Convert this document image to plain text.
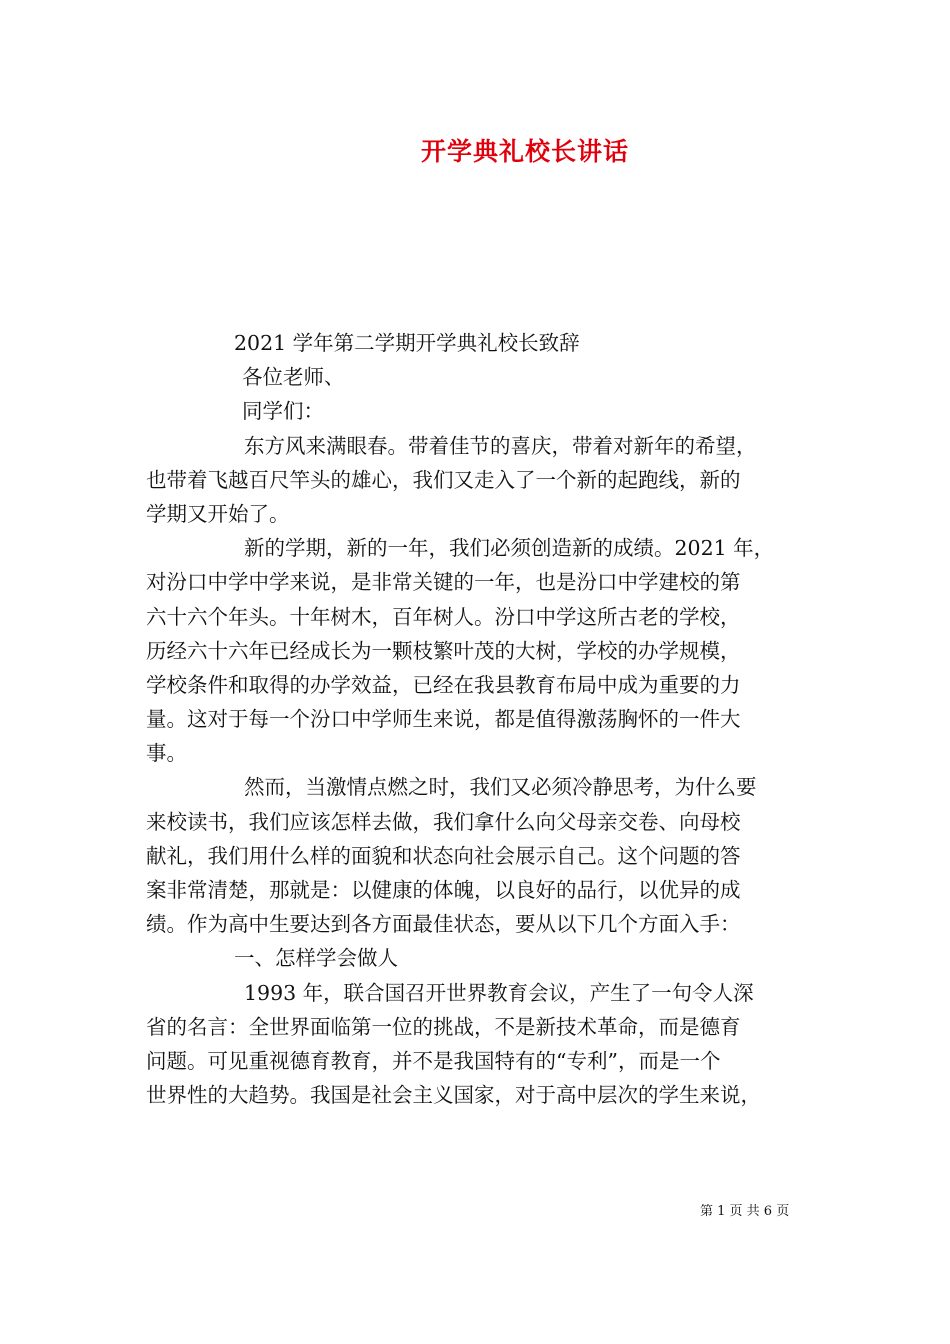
开学典礼校长讲话
2021 学年第二学期开学典礼校长致辞
各位老师、
同学们：
东方风来满眼春。带着佳节的喜庆，带着对新年的希望，
也带着飞越百尺竿头的雄心，我们又走入了一个新的起跑线，新的
学期又开始了。
新的学期，新的一年，我们必须创造新的成绩。2021 年，
对汾口中学中学来说，是非常关键的一年，也是汾口中学建校的第
六十六个年头。十年树木，百年树人。汾口中学这所古老的学校，
历经六十六年已经成长为一颗枝繁叶茂的大树，学校的办学规模，
学校条件和取得的办学效益，已经在我县教育布局中成为重要的力
量。这对于每一个汾口中学师生来说，都是值得激荡胸怀的一件大
事。
然而，当激情点燃之时，我们又必须冷静思考，为什么要
来校读书，我们应该怎样去做，我们拿什么向父母亲交卷、向母校
献礼，我们用什么样的面貌和状态向社会展示自己。这个问题的答
案非常清楚，那就是：以健康的体魄，以良好的品行，以优异的成
绩。作为高中生要达到各方面最佳状态，要从以下几个方面入手：
一、怎样学会做人
1993 年，联合国召开世界教育会议，产生了一句令人深
省的名言：全世界面临第一位的挑战，不是新技术革命，而是德育
问题。可见重视德育教育，并不是我国特有的“专利”，而是一个
世界性的大趋势。我国是社会主义国家，对于高中层次的学生来说，
第 1 页 共 6 页
